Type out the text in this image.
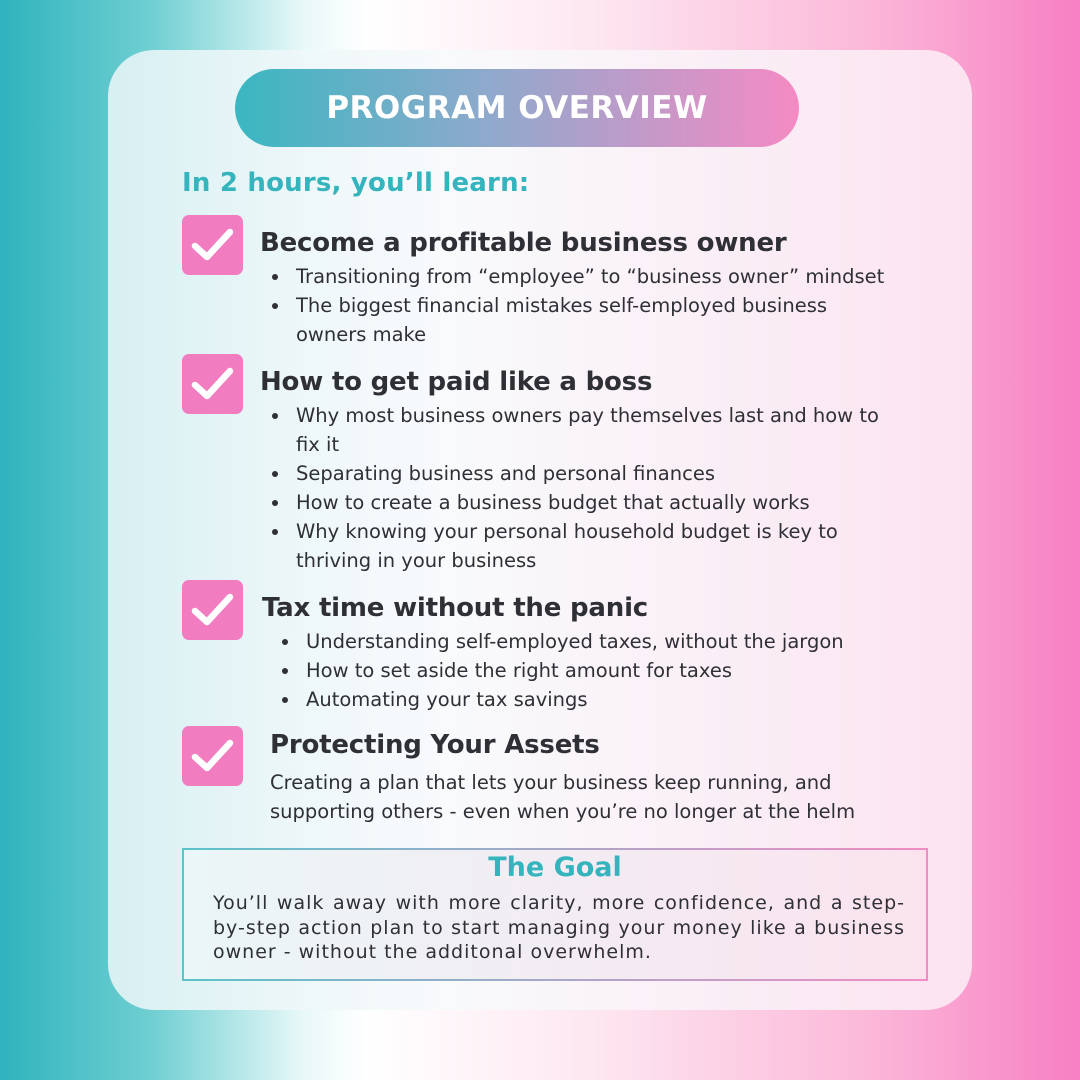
PROGRAM OVERVIEW
In 2 hours, you’ll learn:
Become a profitable business owner
Transitioning from “employee” to “business owner” mindset
The biggest financial mistakes self-employed business owners make
How to get paid like a boss
Why most business owners pay themselves last and how to fix it
Separating business and personal finances
How to create a business budget that actually works
Why knowing your personal household budget is key to thriving in your business
Tax time without the panic
Understanding self-employed taxes, without the jargon
How to set aside the right amount for taxes
Automating your tax savings
Protecting Your Assets
Creating a plan that lets your business keep running, and supporting others - even when you’re no longer at the helm
The Goal
You’ll walk away with more clarity, more confidence, and a step-by-step action plan to start managing your money like a business owner - without the additonal overwhelm.
